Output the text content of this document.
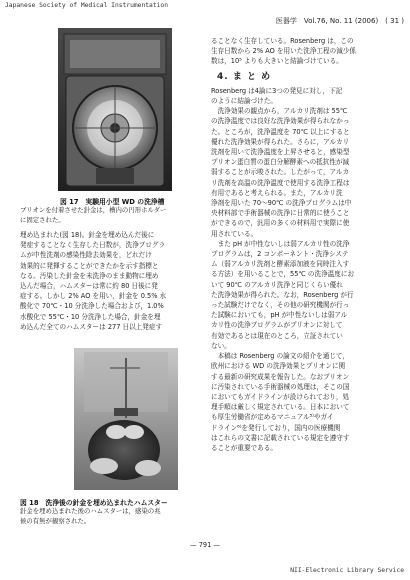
Japanese Society of Medical Instrumentation
医器学　Vol.76, No. 11 (2006)　( 31 )
図 17　実験用小型 WD の洗浄槽
ブリオンを付着させた針金は，槽内の円形ホルダー
に固定された。

埋め込まれた(図 18)。針金を埋め込んだ後に

発症することなく生存した日数が，洗浄プログラ

ムが中性洗剤の感染性除去効果を，どれだけ

効果的に発揮することができたかを示す指標と

なる。汚染した針金を未洗浄のまま動物に埋め

込んだ場合，ハムスターは常に約 80 日後に発

症する。しかし 2% AO を用い，針金を 0.5% 水

酸化で 70℃・10 分洗浄した場合および，1.0%

水酸化で 55℃・10 分洗浄した場合，針金を埋

め込んだ全てのハムスターは 277 日以上発症す

図 18　洗浄後の針金を埋め込まれたハムスター
針金を埋め込まれた後のハムスターは，感染の兆
候の有無が観察された。

ることなく生存している。Rosenberg は，この

生存日数から 2% AO を用いた洗浄工程の減少係

数は，10⁵ よりも大きいと結論づけている。

4. ま と め

Rosenberg は4論に3つの発見に対し，下記

のように結論づけた。

　洗浄効果の観点から，アルカリ洗剤は 55℃

の洗浄温度では良好な洗浄効果が得られなかっ

た。ところが，洗浄温度を 70℃ 以上にすると

優れた洗浄効果が得られた。さらに，アルカリ

洗剤を用いて洗浄温度を上昇させると，感染型

プリオン蛋白質の蛋白分解酵素への抵抗性が減

弱することが示唆された。したがって，アルカ

リ洗剤を高温の洗浄温度で使用する洗浄工程は

有用であると考えられる。また，アルカリ洗

浄剤を用いた 70〜90℃ の洗浄プログラムは中

央材料部で手術器械の洗浄に日常的に使うこと

ができるので，汎用の多くの材料用で実際に使

用されている。

　また pH が中性ないしは弱アルカリ性の洗浄

プログラムは，2 コンポーネント・洗浄システ

ム（弱アルカリ洗剤と酵素添加液を同時注入す

る方法）を用いることで，55℃ の洗浄温度にお

いて 90℃ のアルカリ洗浄と同じくらい優れ

た洗浄効果が得られた。なお，Rosenberg が行

った試験だけでなく，その他の研究機関が行っ

た試験においても，pH が中性ないしは弱アル

カリ性の洗浄プログラムがプリオンに対して

有効であるとは現在のところ，立証されてい

ない。

　本稿は Rosenberg の論文の紹介を通じて，

欧州における WD の洗浄効果とプリオンに関

する最新の研究成果を報告した。なおプリオン

に汚染されている手術器械の処理は，そこの国

においてもガイドラインが設けられており，処

理手順は厳しく規定されている。日本において

も厚生労働省が定めるマニュアル⁵⁾やガイ

ドライン⁶⁾を発行しており，国内の医療機関

はこれらの文書に記載されている規定を遵守す

ることが重要である。

— 791 —
NII-Electronic Library Service
